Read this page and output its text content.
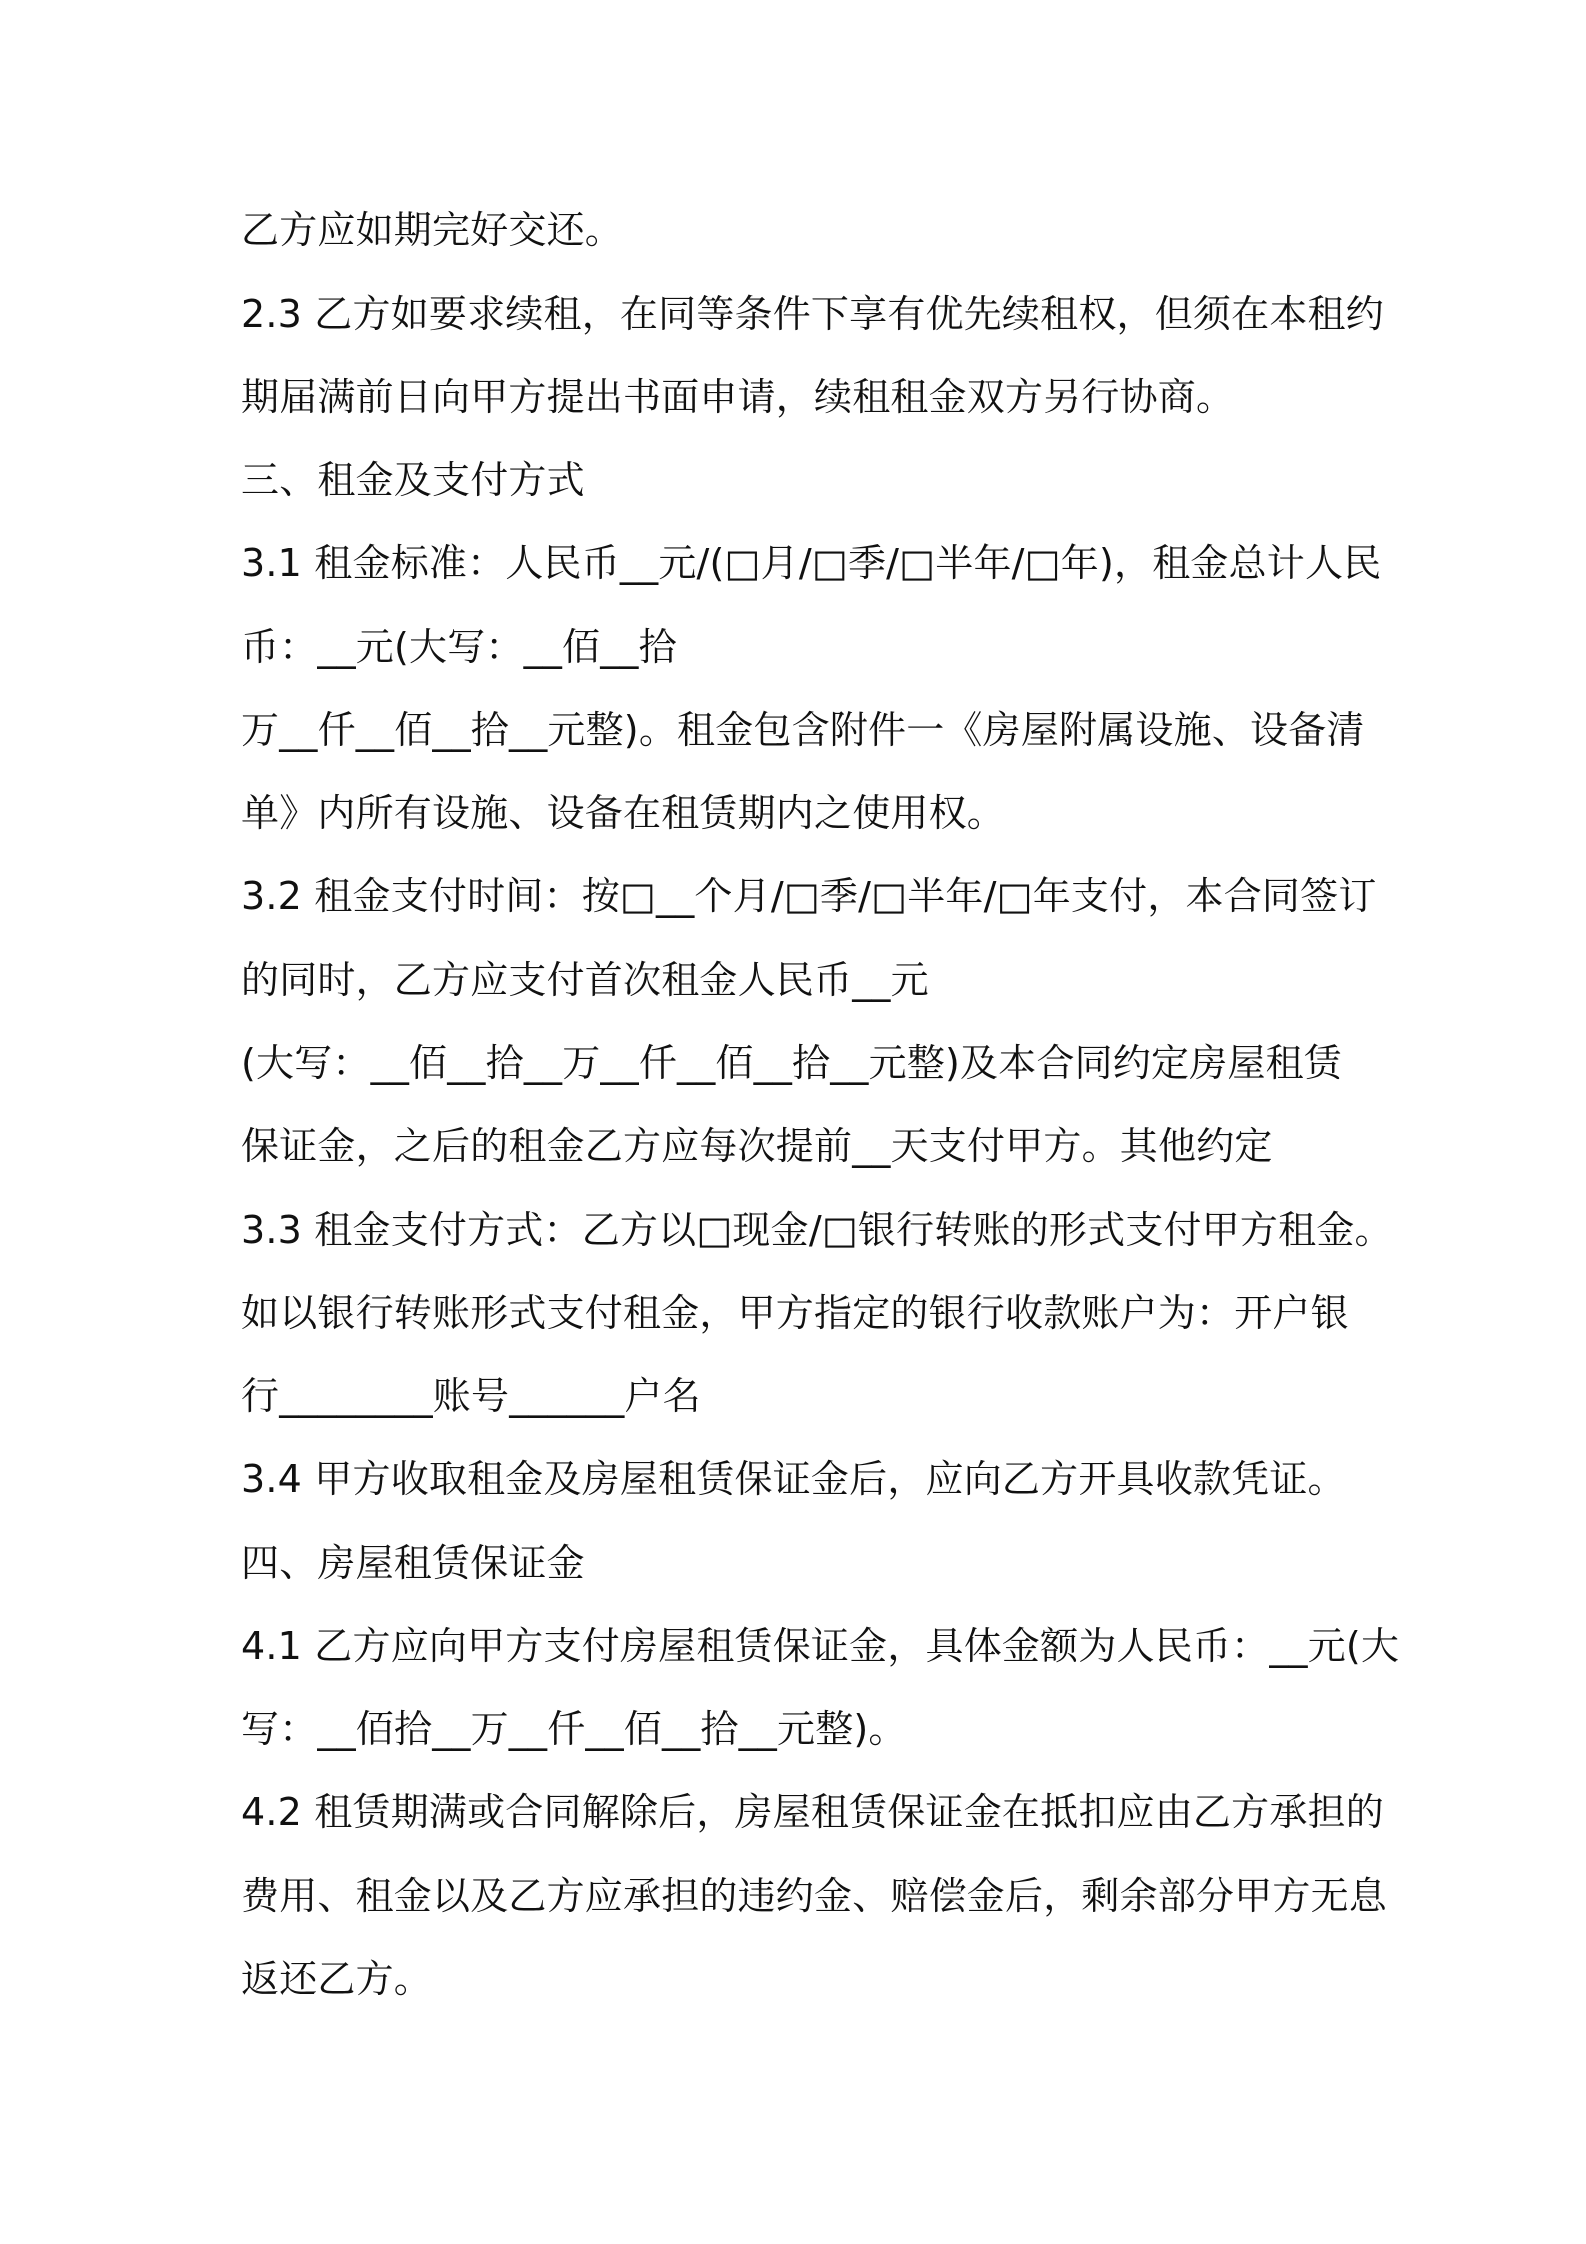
乙方应如期完好交还。
2.3 乙方如要求续租，在同等条件下享有优先续租权，但须在本租约
期届满前日向甲方提出书面申请，续租租金双方另行协商。
三、租金及支付方式
3.1 租金标准：人民币__元/(□月/□季/□半年/□年)，租金总计人民
币：__元(大写：__佰__拾
万__仟__佰__拾__元整)。租金包含附件一《房屋附属设施、设备清
单》内所有设施、设备在租赁期内之使用权。
3.2 租金支付时间：按□__个月/□季/□半年/□年支付，本合同签订
的同时，乙方应支付首次租金人民币__元
(大写：__佰__拾__万__仟__佰__拾__元整)及本合同约定房屋租赁
保证金，之后的租金乙方应每次提前__天支付甲方。其他约定
3.3 租金支付方式：乙方以□现金/□银行转账的形式支付甲方租金。
如以银行转账形式支付租金，甲方指定的银行收款账户为：开户银
行________账号______户名
3.4 甲方收取租金及房屋租赁保证金后，应向乙方开具收款凭证。
四、房屋租赁保证金
4.1 乙方应向甲方支付房屋租赁保证金，具体金额为人民币：__元(大
写：__佰拾__万__仟__佰__拾__元整)。
4.2 租赁期满或合同解除后，房屋租赁保证金在抵扣应由乙方承担的
费用、租金以及乙方应承担的违约金、赔偿金后，剩余部分甲方无息
返还乙方。
